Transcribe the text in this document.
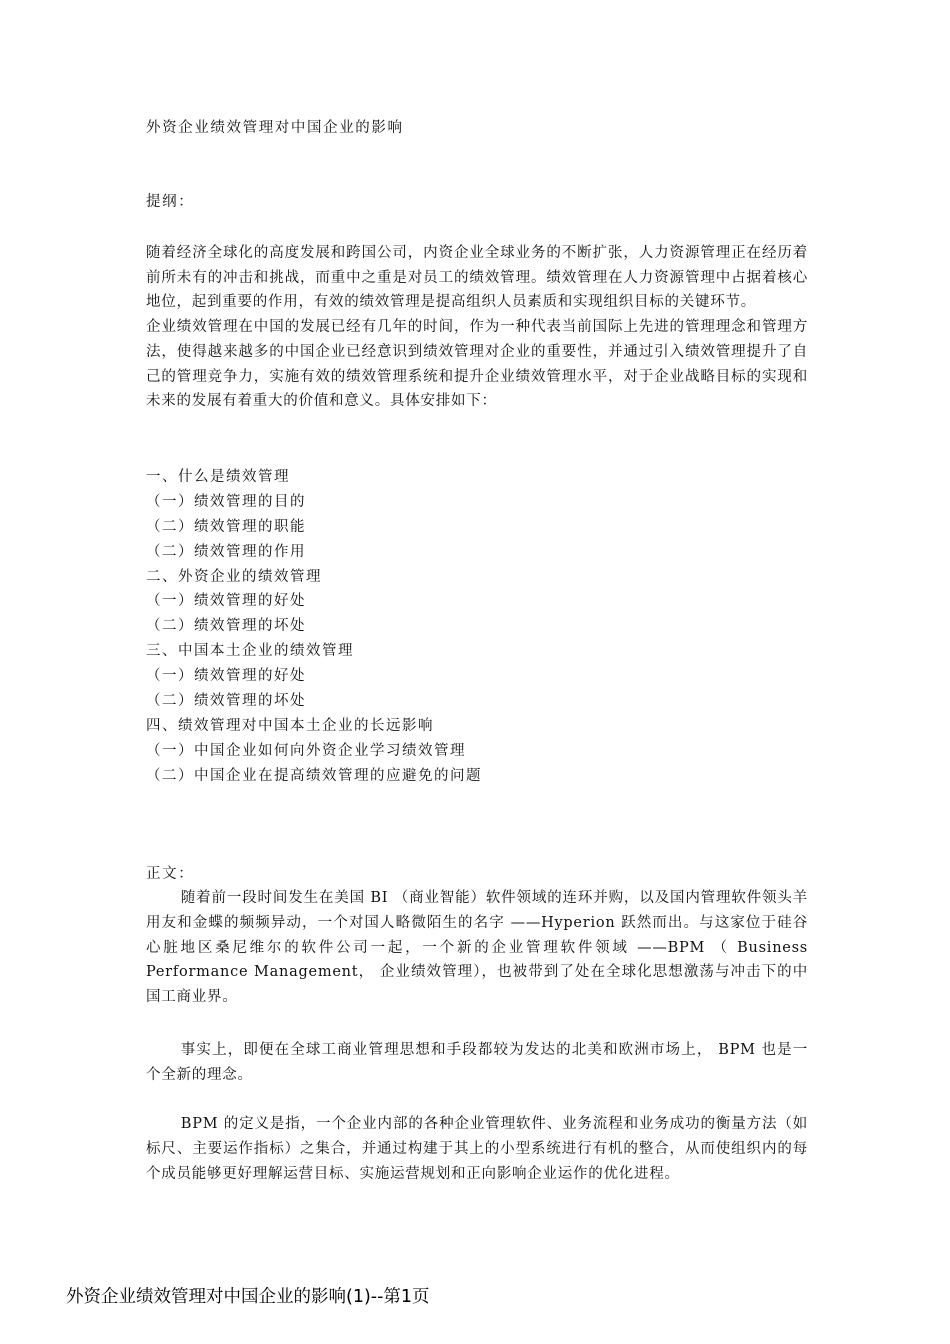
外资企业绩效管理对中国企业的影响
提纲：

随着经济全球化的高度发展和跨国公司，内资企业全球业务的不断扩张，人力资源管理正在经历着前所未有的冲击和挑战，而重中之重是对员工的绩效管理。绩效管理在人力资源管理中占据着核心地位，起到重要的作用，有效的绩效管理是提高组织人员素质和实现组织目标的关键环节。

企业绩效管理在中国的发展已经有几年的时间，作为一种代表当前国际上先进的管理理念和管理方法，使得越来越多的中国企业已经意识到绩效管理对企业的重要性，并通过引入绩效管理提升了自己的管理竞争力，实施有效的绩效管理系统和提升企业绩效管理水平，对于企业战略目标的实现和未来的发展有着重大的价值和意义。具体安排如下：

一、什么是绩效管理
（一）绩效管理的目的
（二）绩效管理的职能
（二）绩效管理的作用
二、外资企业的绩效管理
（一）绩效管理的好处
（二）绩效管理的坏处
三、中国本土企业的绩效管理
（一）绩效管理的好处
（二）绩效管理的坏处
四、绩效管理对中国本土企业的长远影响
（一）中国企业如何向外资企业学习绩效管理
（二）中国企业在提高绩效管理的应避免的问题
正文：

随着前一段时间发生在美国 BI （商业智能）软件领域的连环并购，以及国内管理软件领头羊用友和金蝶的频频异动，一个对国人略微陌生的名字 ——Hyperion 跃然而出。与这家位于硅谷心脏地区桑尼维尔的软件公司一起，一个新的企业管理软件领域 ——BPM （ Business Performance Management， 企业绩效管理），也被带到了处在全球化思想激荡与冲击下的中国工商业界。

事实上，即便在全球工商业管理思想和手段都较为发达的北美和欧洲市场上， BPM 也是一个全新的理念。

BPM 的定义是指，一个企业内部的各种企业管理软件、业务流程和业务成功的衡量方法（如标尺、主要运作指标）之集合，并通过构建于其上的小型系统进行有机的整合，从而使组织内的每个成员能够更好理解运营目标、实施运营规划和正向影响企业运作的优化进程。

外资企业绩效管理对中国企业的影响(1)--第1页
